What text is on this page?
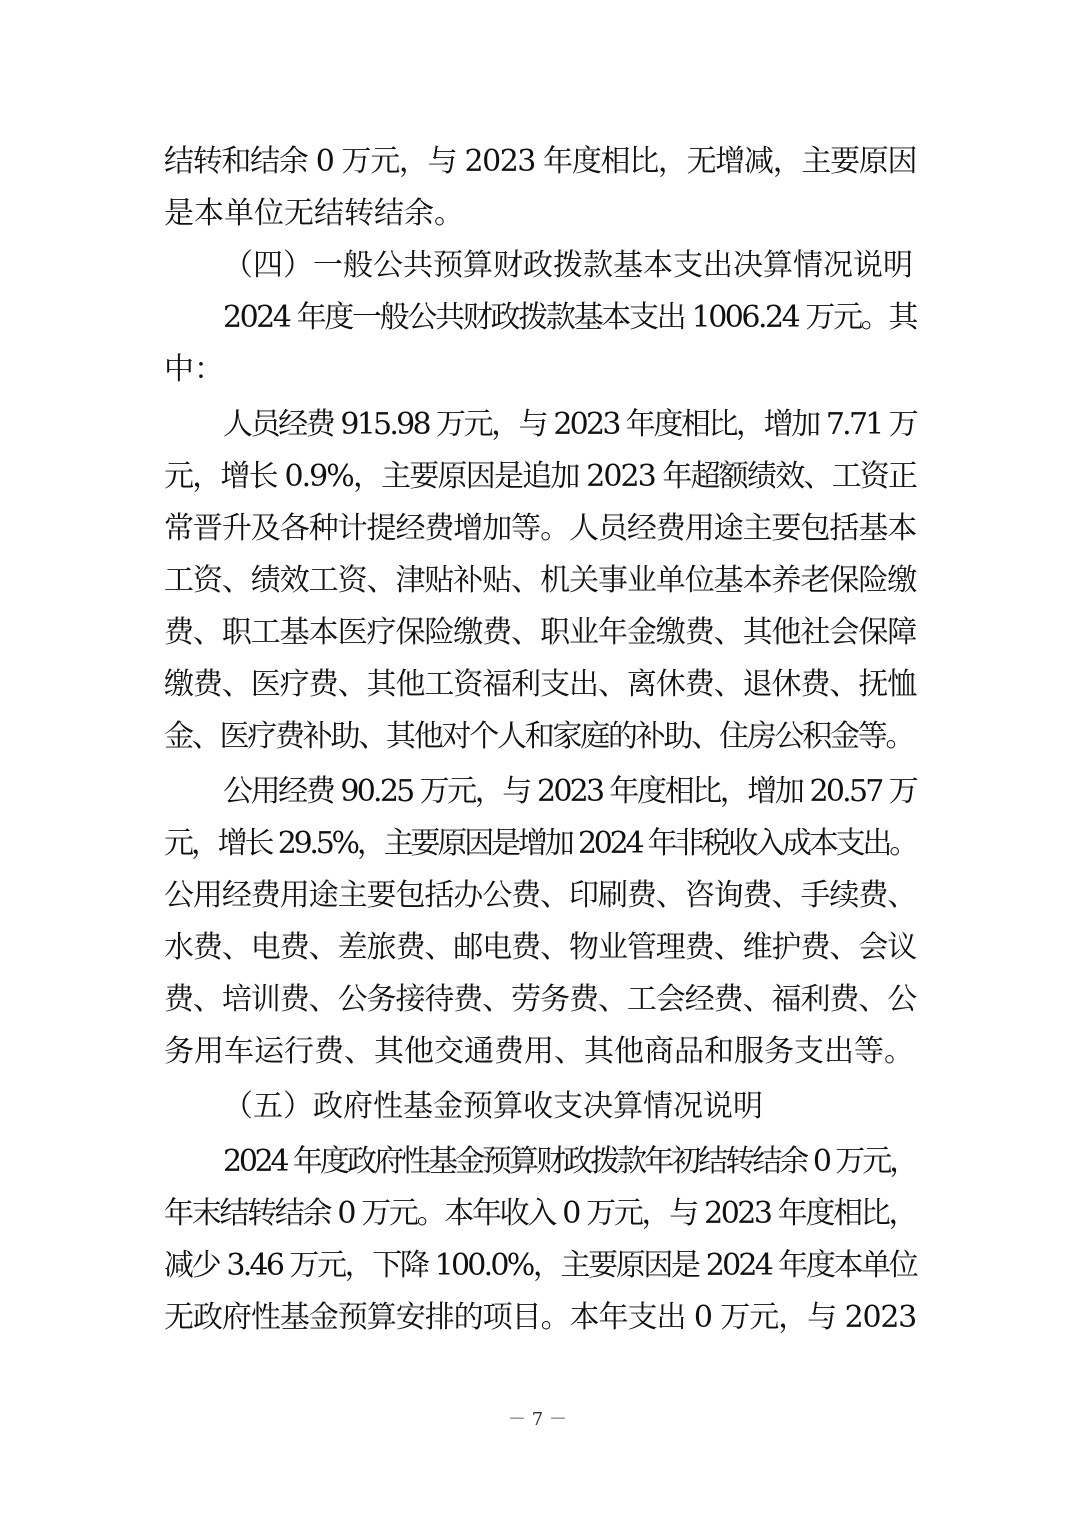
结转和结余 0 万元，与 2023 年度相比，无增减，主要原因
是本单位无结转结余。
（四）一般公共预算财政拨款基本支出决算情况说明
2024 年度一般公共财政拨款基本支出 1006.24 万元。其
中：
人员经费 915.98 万元，与 2023 年度相比，增加 7.71 万
元，增长 0.9%，主要原因是追加 2023 年超额绩效、工资正
常晋升及各种计提经费增加等。人员经费用途主要包括基本
工资、绩效工资、津贴补贴、机关事业单位基本养老保险缴
费、职工基本医疗保险缴费、职业年金缴费、其他社会保障
缴费、医疗费、其他工资福利支出、离休费、退休费、抚恤
金、医疗费补助、其他对个人和家庭的补助、住房公积金等。
公用经费 90.25 万元，与 2023 年度相比，增加 20.57 万
元，增长 29.5%，主要原因是增加 2024 年非税收入成本支出。
公用经费用途主要包括办公费、印刷费、咨询费、手续费、
水费、电费、差旅费、邮电费、物业管理费、维护费、会议
费、培训费、公务接待费、劳务费、工会经费、福利费、公
务用车运行费、其他交通费用、其他商品和服务支出等。
（五）政府性基金预算收支决算情况说明
2024 年度政府性基金预算财政拨款年初结转结余 0 万元，
年末结转结余 0 万元。本年收入 0 万元，与 2023 年度相比，
减少 3.46 万元，下降 100.0%，主要原因是 2024 年度本单位
无政府性基金预算安排的项目。本年支出 0 万元，与 2023
－ 7 －
